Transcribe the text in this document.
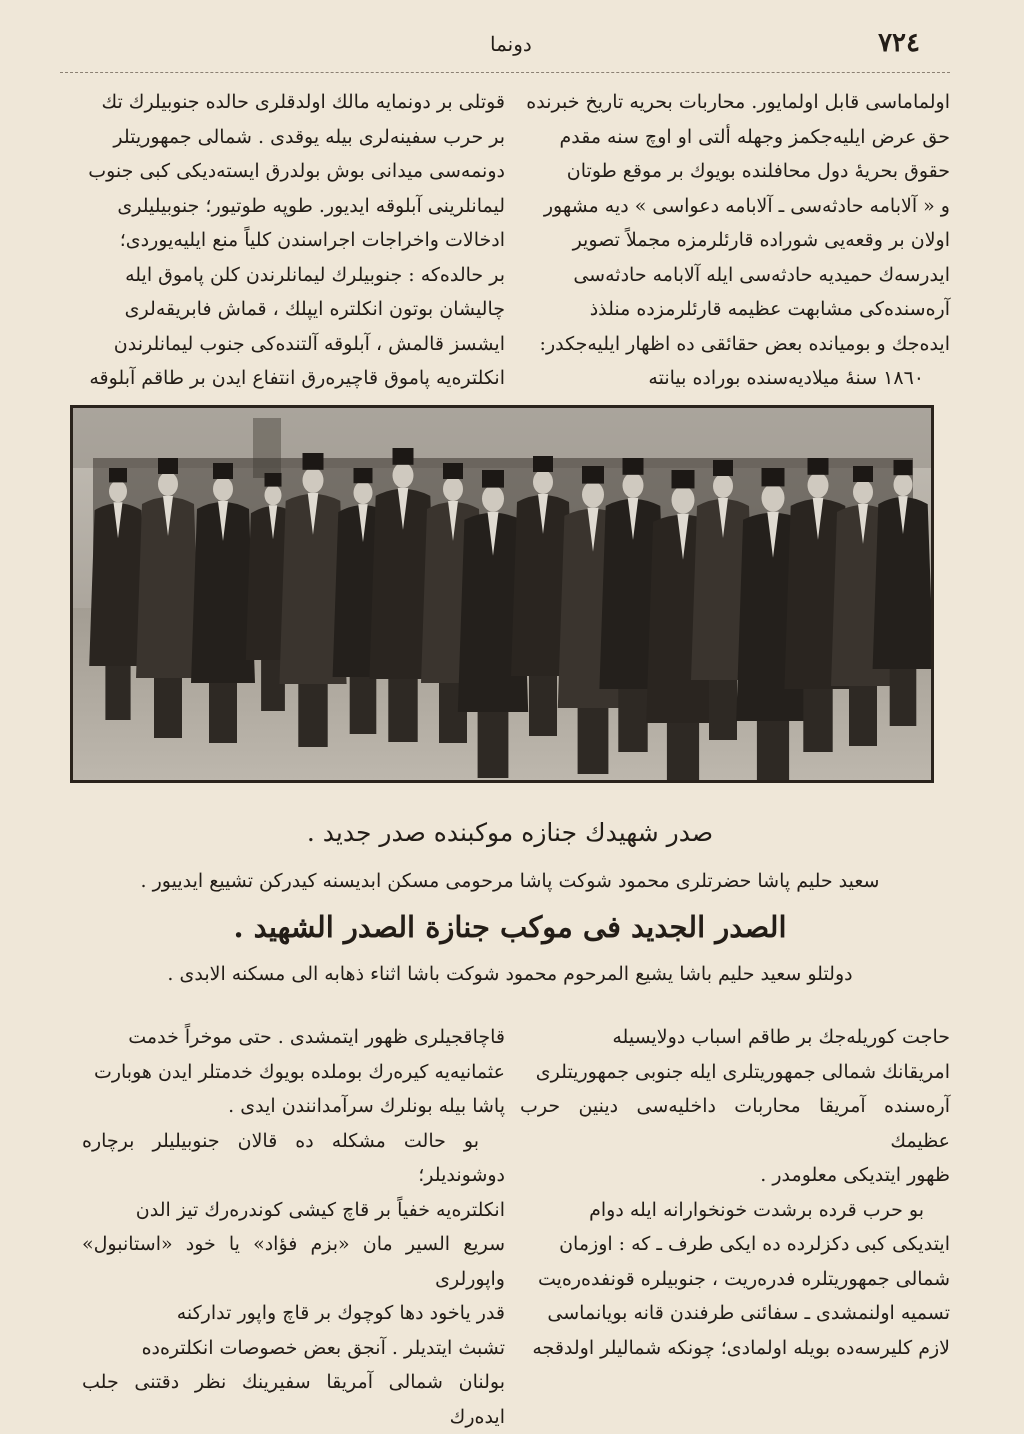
٧٢٤
دونما

اولماماسی قابل اولمایور. محاربات بحریه تاریخ خبرنده

حق عرض ایلیه‌جکمز وجهله ألتی او اوچ سنه مقدم

حقوق بحریهٔ دول محافلنده بویوك بر موقع طوتان

و « آلابامه حادثه‌سی ـ آلابامه دعواسی » دیه مشهور

اولان بر وقعه‌یی شوراده قارئلرمزه مجملاً تصویر

ایدرسه‌ك حمیدیه حادثه‌سی ایله آلابامه حادثه‌سی

آره‌سنده‌کی مشابهت عظیمه قارئلرمزده منلذذ

ایده‌جك و بومیانده بعض حقائقی ده اظهار ایلیه‌جکدر:

١٨٦٠ سنهٔ میلادیه‌سنده بوراده بیانته

قوتلی بر دونمایه مالك اولدقلری حالده جنوبیلرك تك

بر حرب سفینه‌لری بیله یوقدی . شمالی جمهوریتلر

دونمه‌سی میدانی بوش بولدرق ایسته‌دیکی کبی جنوب

لیمانلرینی آبلوقه ایدیور. طوپه طوتیور؛ جنوبیلیلری

ادخالات واخراجات اجراسندن کلیاً منع ایلیه‌یوردی؛

بر حالده‌که : جنوبیلرك لیمانلرندن کلن پاموق ایله

چالیشان بوتون انکلتره ایپلك ، قماش فابریقه‌لری

ایشسز قالمش ، آبلوقه آلتنده‌کی جنوب لیمانلرندن

انکلتره‌یه پاموق قاچیره‌رق انتفاع ایدن بر طاقم آبلوقه

صدر شهیدك جنازه موکبنده صدر جدید .
سعید حلیم پاشا حضرتلری محمود شوکت پاشا مرحومی مسکن ابدیسنه کیدرکن تشییع ایدییور .
الصدر الجدید فی موکب جنازة الصدر الشهید .
دولتلو سعید حلیم باشا یشیع المرحوم محمود شوکت باشا اثناء ذهابه الی مسکنه الابدی .

حاجت کوریله‌جك بر طاقم اسباب دولایسیله

امریقانك شمالی جمهوریتلری ایله جنوبی جمهوریتلری

آره‌سنده آمریقا محاربات داخلیه‌سی دینین حرب عظیمك

ظهور ایتدیکی معلومدر .

بو حرب قرده برشدت خونخوارانه ایله دوام

ایتدیکی کبی دکزلرده ده ایکی طرف ـ که : اوزمان

شمالی جمهوریتلره فدره‌ریت ، جنوبیلره قونفده‌ره‌یت

تسمیه اولنمشدی ـ سفائنی طرفندن قانه بویانماسی

لازم کلیرسه‌ده بویله اولمادی؛ چونکه شمالیلر اولدقجه

قاچاقجیلری ظهور ایتمشدی . حتی موخراً خدمت

عثمانیه‌یه کیره‌رك بوملده بویوك خدمتلر ایدن هوبارت

پاشا بیله بونلرك سرآمدانندن ایدی .

بو حالت مشکله ده قالان جنوبیلیلر برچاره دوشوندیلر؛

انکلتره‌یه خفیاً بر قاچ کیشی کوندره‌رك تیز الدن

سریع السیر مان «بزم فؤاد» یا خود «استانبول» واپورلری

قدر یاخود دها کوچوك بر قاچ واپور تدارکنه

تشبث ایتدیلر . آنجق بعض خصوصات انکلتره‌ده

بولنان شمالی آمریقا سفیرینك نظر دقتنی جلب ایده‌رك
